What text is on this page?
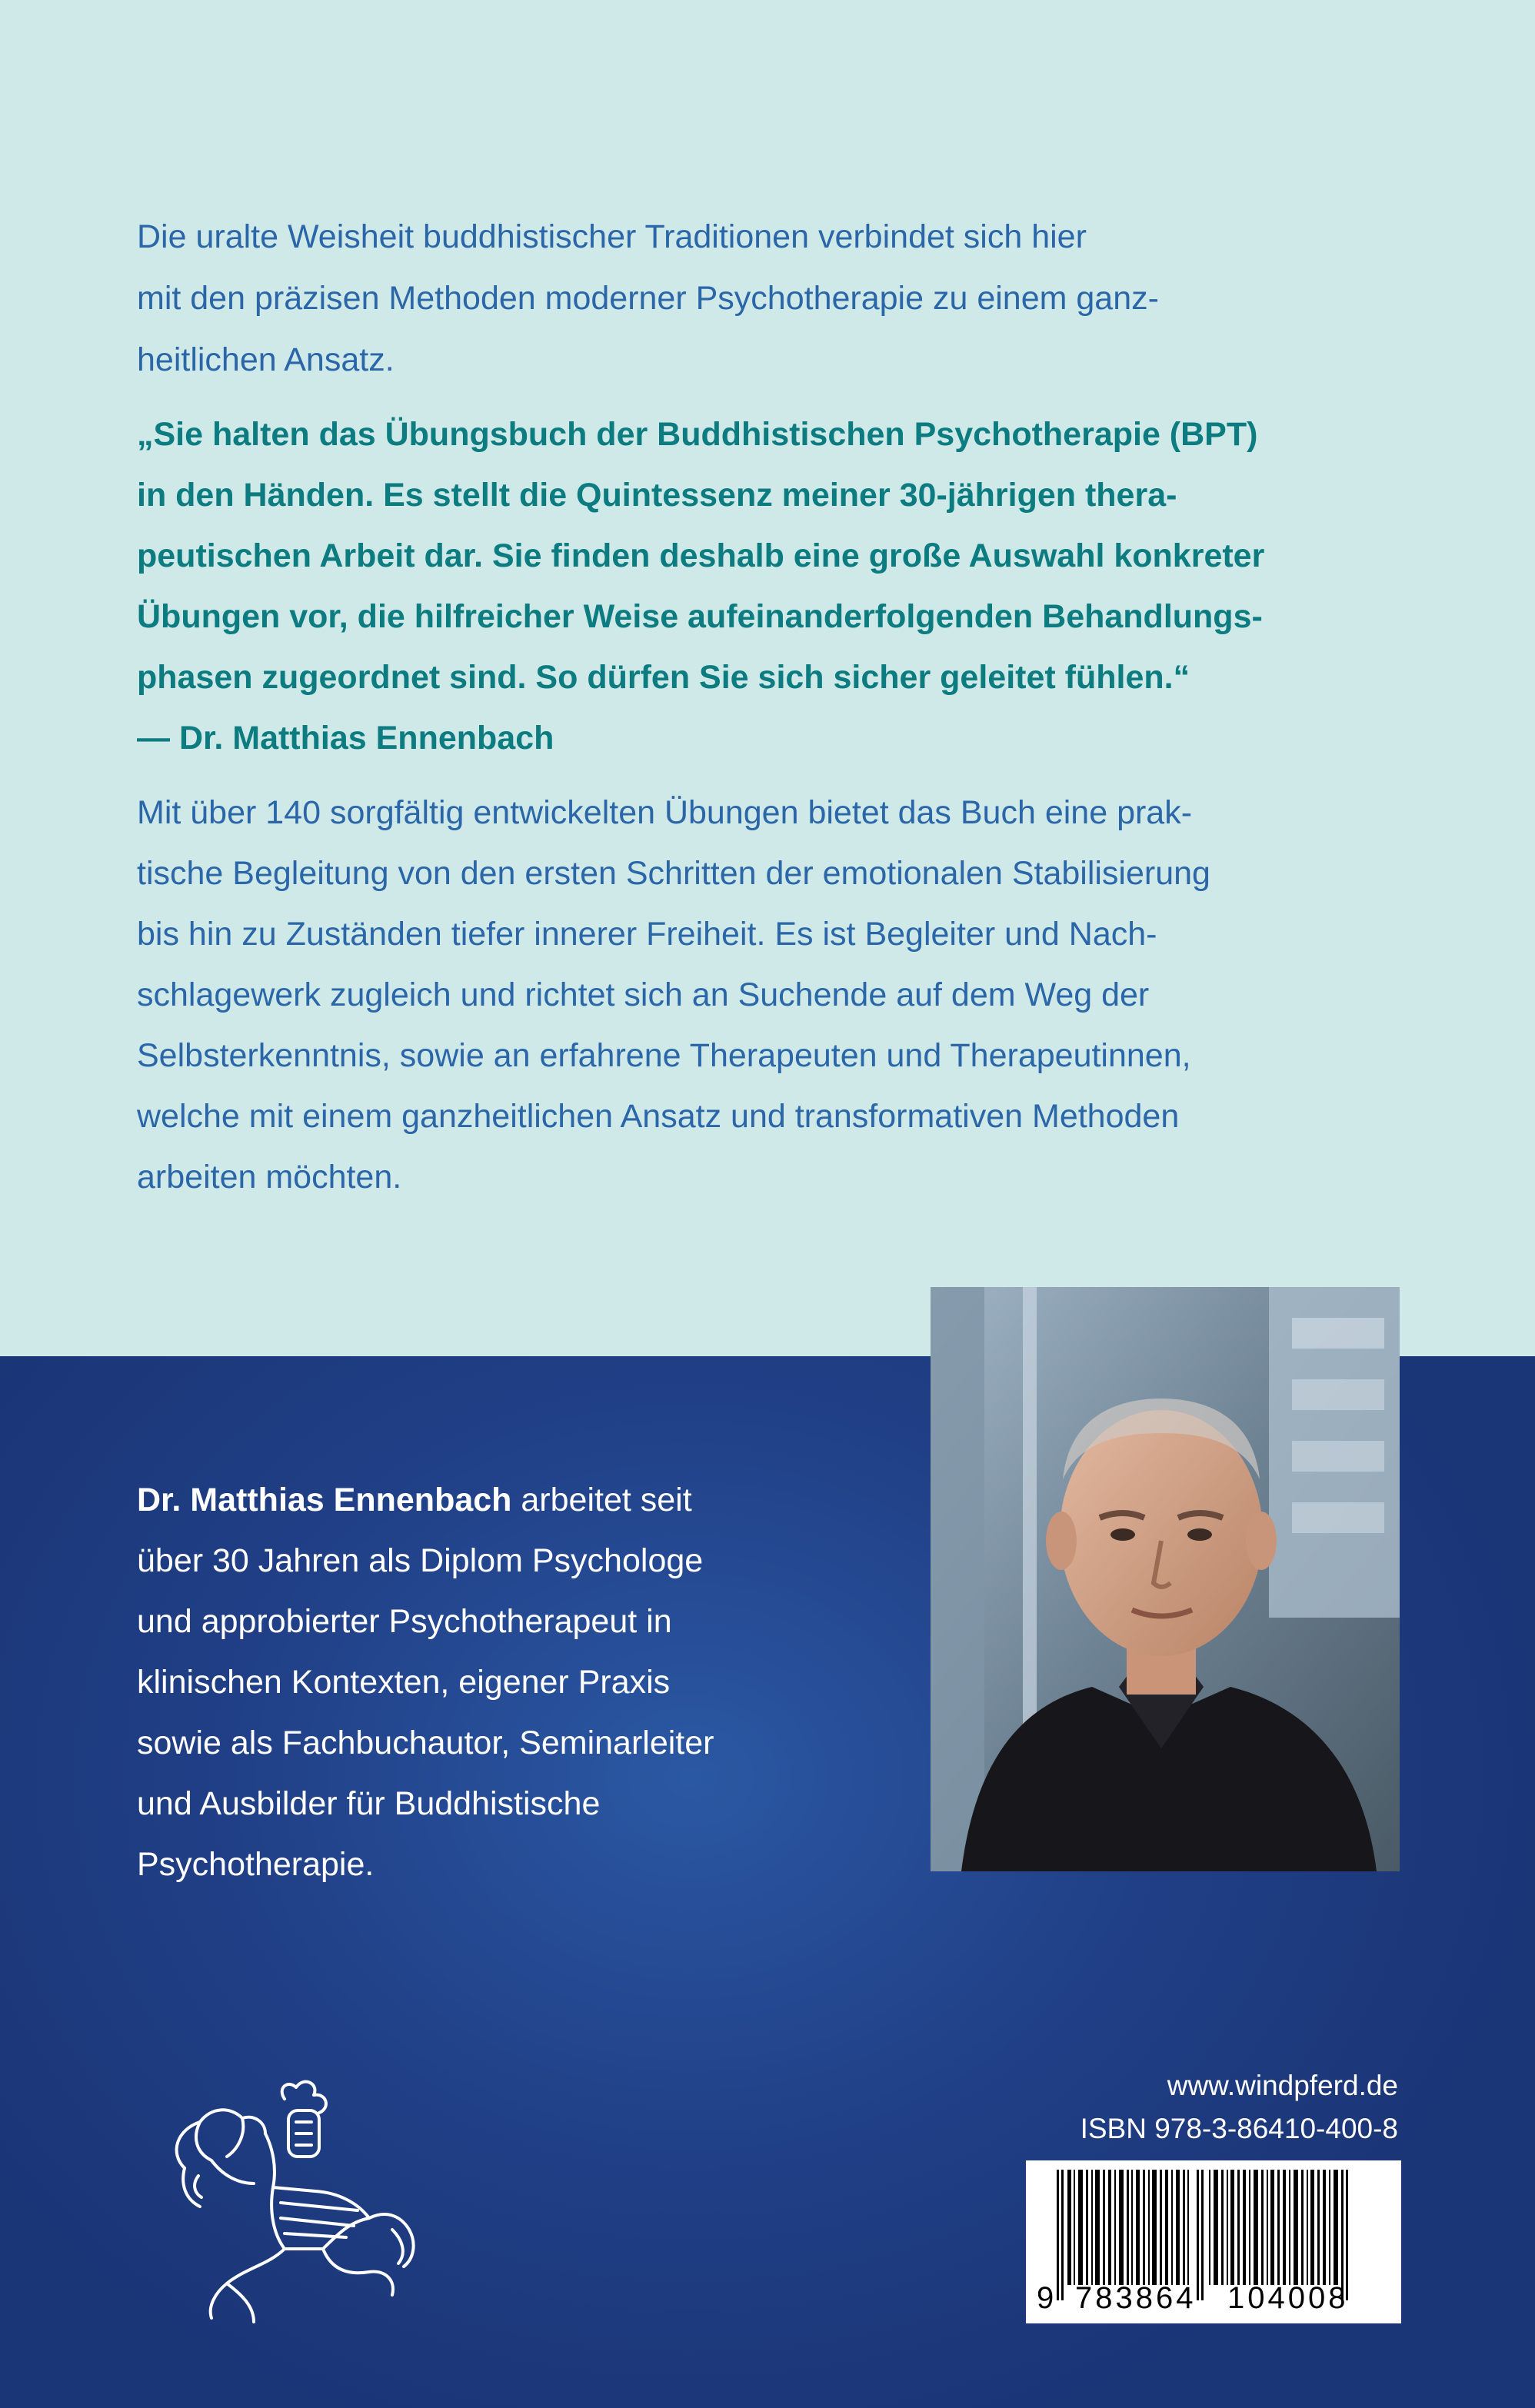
Die uralte Weisheit buddhistischer Traditionen verbindet sich hier
mit den präzisen Methoden moderner Psychotherapie zu einem ganz-
heitlichen Ansatz.

„Sie halten das Übungsbuch der Buddhistischen Psychotherapie (BPT)
in den Händen. Es stellt die Quintessenz meiner 30-jährigen thera-
peutischen Arbeit dar. Sie finden deshalb eine große Auswahl konkreter
Übungen vor, die hilfreicher Weise aufeinanderfolgenden Behandlungs-
phasen zugeordnet sind. So dürfen Sie sich sicher geleitet fühlen.“
— Dr. Matthias Ennenbach

Mit über 140 sorgfältig entwickelten Übungen bietet das Buch eine prak-
tische Begleitung von den ersten Schritten der emotionalen Stabilisierung
bis hin zu Zuständen tiefer innerer Freiheit. Es ist Begleiter und Nach-
schlagewerk zugleich und richtet sich an Suchende auf dem Weg der
Selbsterkenntnis, sowie an erfahrene Therapeuten und Therapeutinnen,
welche mit einem ganzheitlichen Ansatz und transformativen Methoden
arbeiten möchten.

Dr. Matthias Ennenbach arbeitet seit
über 30 Jahren als Diplom Psychologe
und approbierter Psychotherapeut in
klinischen Kontexten, eigener Praxis
sowie als Fachbuchautor, Seminarleiter
und Ausbilder für Buddhistische
Psychotherapie.

www.windpferd.de

ISBN 978-3-86410-400-8

9 783864 104008
